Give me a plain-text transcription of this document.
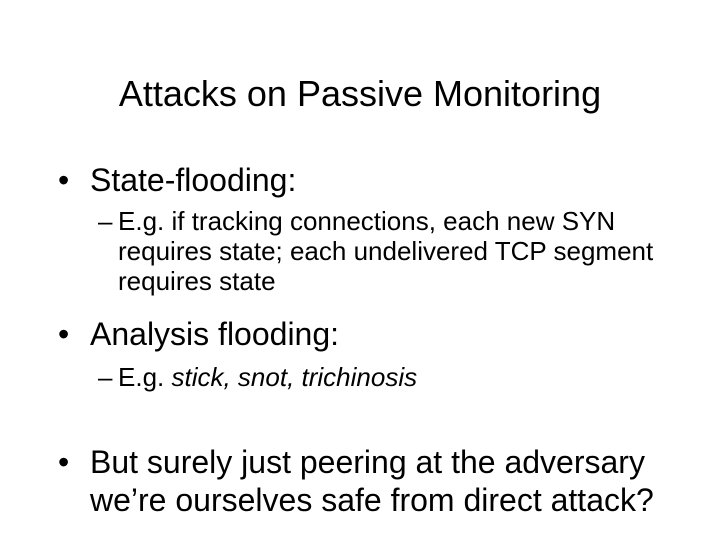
Attacks on Passive Monitoring
• State-flooding:
– E.g. if tracking connections, each new SYN requires state; each undelivered TCP segment requires state
• Analysis flooding:
– E.g. stick, snot, trichinosis
• But surely just peering at the adversary we’re ourselves safe from direct attack?
